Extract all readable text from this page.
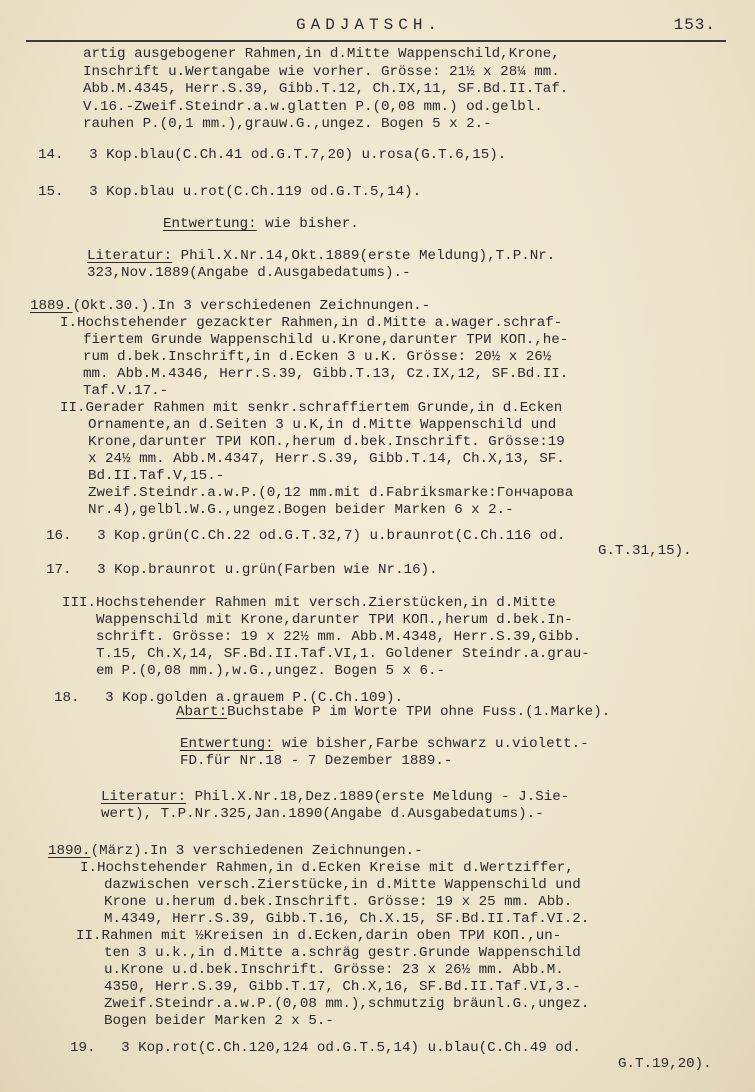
GADJATSCH.	153.
artig ausgebogener Rahmen,in d.Mitte Wappenschild,Krone,
Inschrift u.Wertangabe wie vorher. Grösse: 21½ x 28¼ mm.
Abb.M.4345, Herr.S.39, Gibb.T.12, Ch.IX,11, SF.Bd.II.Taf.
V.16.-Zweif.Steindr.a.w.glatten P.(0,08 mm.) od.gelbl.
rauhen P.(0,1 mm.),grauw.G.,ungez. Bogen 5 x 2.-
14.   3 Kop.blau(C.Ch.41 od.G.T.7,20) u.rosa(G.T.6,15).
15.   3 Kop.blau u.rot(C.Ch.119 od.G.T.5,14).
Entwertung: wie bisher.
Literatur: Phil.X.Nr.14,Okt.1889(erste Meldung),T.P.Nr.
323,Nov.1889(Angabe d.Ausgabedatums).-
1889.(Okt.30.).In 3 verschiedenen Zeichnungen.-
I.Hochstehender gezackter Rahmen,in d.Mitte a.wager.schraf-
fiertem Grunde Wappenschild u.Krone,darunter ТРИ КОП.,he-
rum d.bek.Inschrift,in d.Ecken 3 u.K. Grösse: 20½ x 26½
mm. Abb.M.4346, Herr.S.39, Gibb.T.13, Cz.IX,12, SF.Bd.II.
Taf.V.17.-
II.Gerader Rahmen mit senkr.schraffiertem Grunde,in d.Ecken
Ornamente,an d.Seiten 3 u.K,in d.Mitte Wappenschild und
Krone,darunter ТРИ КОП.,herum d.bek.Inschrift. Grösse:19
x 24½ mm. Abb.M.4347, Herr.S.39, Gibb.T.14, Ch.X,13, SF.
Bd.II.Taf.V,15.-
Zweif.Steindr.a.w.P.(0,12 mm.mit d.Fabriksmarke:Гончарова
Nr.4),gelbl.W.G.,ungez.Bogen beider Marken 6 x 2.-
16.   3 Kop.grün(C.Ch.22 od.G.T.32,7) u.braunrot(C.Ch.116 od.
G.T.31,15).
17.   3 Kop.braunrot u.grün(Farben wie Nr.16).
III.Hochstehender Rahmen mit versch.Zierstücken,in d.Mitte
Wappenschild mit Krone,darunter ТРИ КОП.,herum d.bek.In-
schrift. Grösse: 19 x 22½ mm. Abb.M.4348, Herr.S.39,Gibb.
T.15, Ch.X,14, SF.Bd.II.Taf.VI,1. Goldener Steindr.a.grau-
em P.(0,08 mm.),w.G.,ungez. Bogen 5 x 6.-
18.   3 Kop.golden a.grauem P.(C.Ch.109).
Abart:Buchstabe P im Worte ТРИ ohne Fuss.(1.Marke).
Entwertung: wie bisher,Farbe schwarz u.violett.-
FD.für Nr.18 - 7 Dezember 1889.-
Literatur: Phil.X.Nr.18,Dez.1889(erste Meldung - J.Sie-
wert), T.P.Nr.325,Jan.1890(Angabe d.Ausgabedatums).-
1890.(März).In 3 verschiedenen Zeichnungen.-
I.Hochstehender Rahmen,in d.Ecken Kreise mit d.Wertziffer,
dazwischen versch.Zierstücke,in d.Mitte Wappenschild und
Krone u.herum d.bek.Inschrift. Grösse: 19 x 25 mm. Abb.
M.4349, Herr.S.39, Gibb.T.16, Ch.X.15, SF.Bd.II.Taf.VI.2.
II.Rahmen mit ½Kreisen in d.Ecken,darin oben ТРИ КОП.,un-
ten 3 u.k.,in d.Mitte a.schräg gestr.Grunde Wappenschild
u.Krone u.d.bek.Inschrift. Grösse: 23 x 26½ mm. Abb.M.
4350, Herr.S.39, Gibb.T.17, Ch.X,16, SF.Bd.II.Taf.VI,3.-
Zweif.Steindr.a.w.P.(0,08 mm.),schmutzig bräunl.G.,ungez.
Bogen beider Marken 2 x 5.-
19.   3 Kop.rot(C.Ch.120,124 od.G.T.5,14) u.blau(C.Ch.49 od.
G.T.19,20).
